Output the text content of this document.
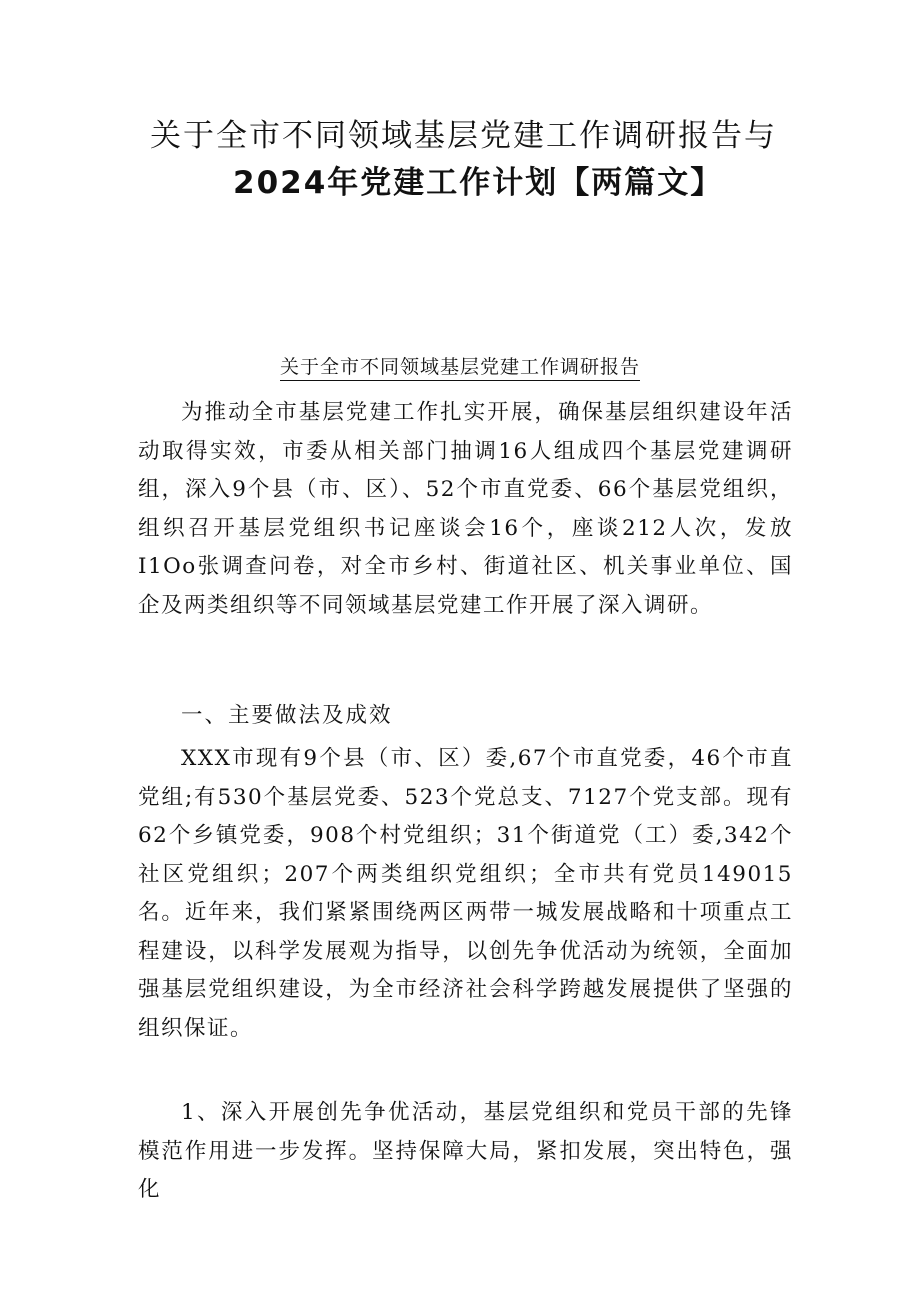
关于全市不同领域基层党建工作调研报告与
2024年党建工作计划【两篇文】
关于全市不同领域基层党建工作调研报告

为推动全市基层党建工作扎实开展，确保基层组织建设年活动取得实效，市委从相关部门抽调16人组成四个基层党建调研组，深入9个县（市、区）、52个市直党委、66个基层党组织，组织召开基层党组织书记座谈会16个，座谈212人次，发放I1Oo张调查问卷，对全市乡村、街道社区、机关事业单位、国企及两类组织等不同领域基层党建工作开展了深入调研。

一、主要做法及成效

XXX市现有9个县（市、区）委,67个市直党委，46个市直党组;有530个基层党委、523个党总支、7127个党支部。现有62个乡镇党委，908个村党组织；31个街道党（工）委,342个社区党组织；207个两类组织党组织；全市共有党员149015名。近年来，我们紧紧围绕两区两带一城发展战略和十项重点工程建设，以科学发展观为指导，以创先争优活动为统领，全面加强基层党组织建设，为全市经济社会科学跨越发展提供了坚强的组织保证。

1、深入开展创先争优活动，基层党组织和党员干部的先锋模范作用进一步发挥。坚持保障大局，紧扣发展，突出特色，强化
